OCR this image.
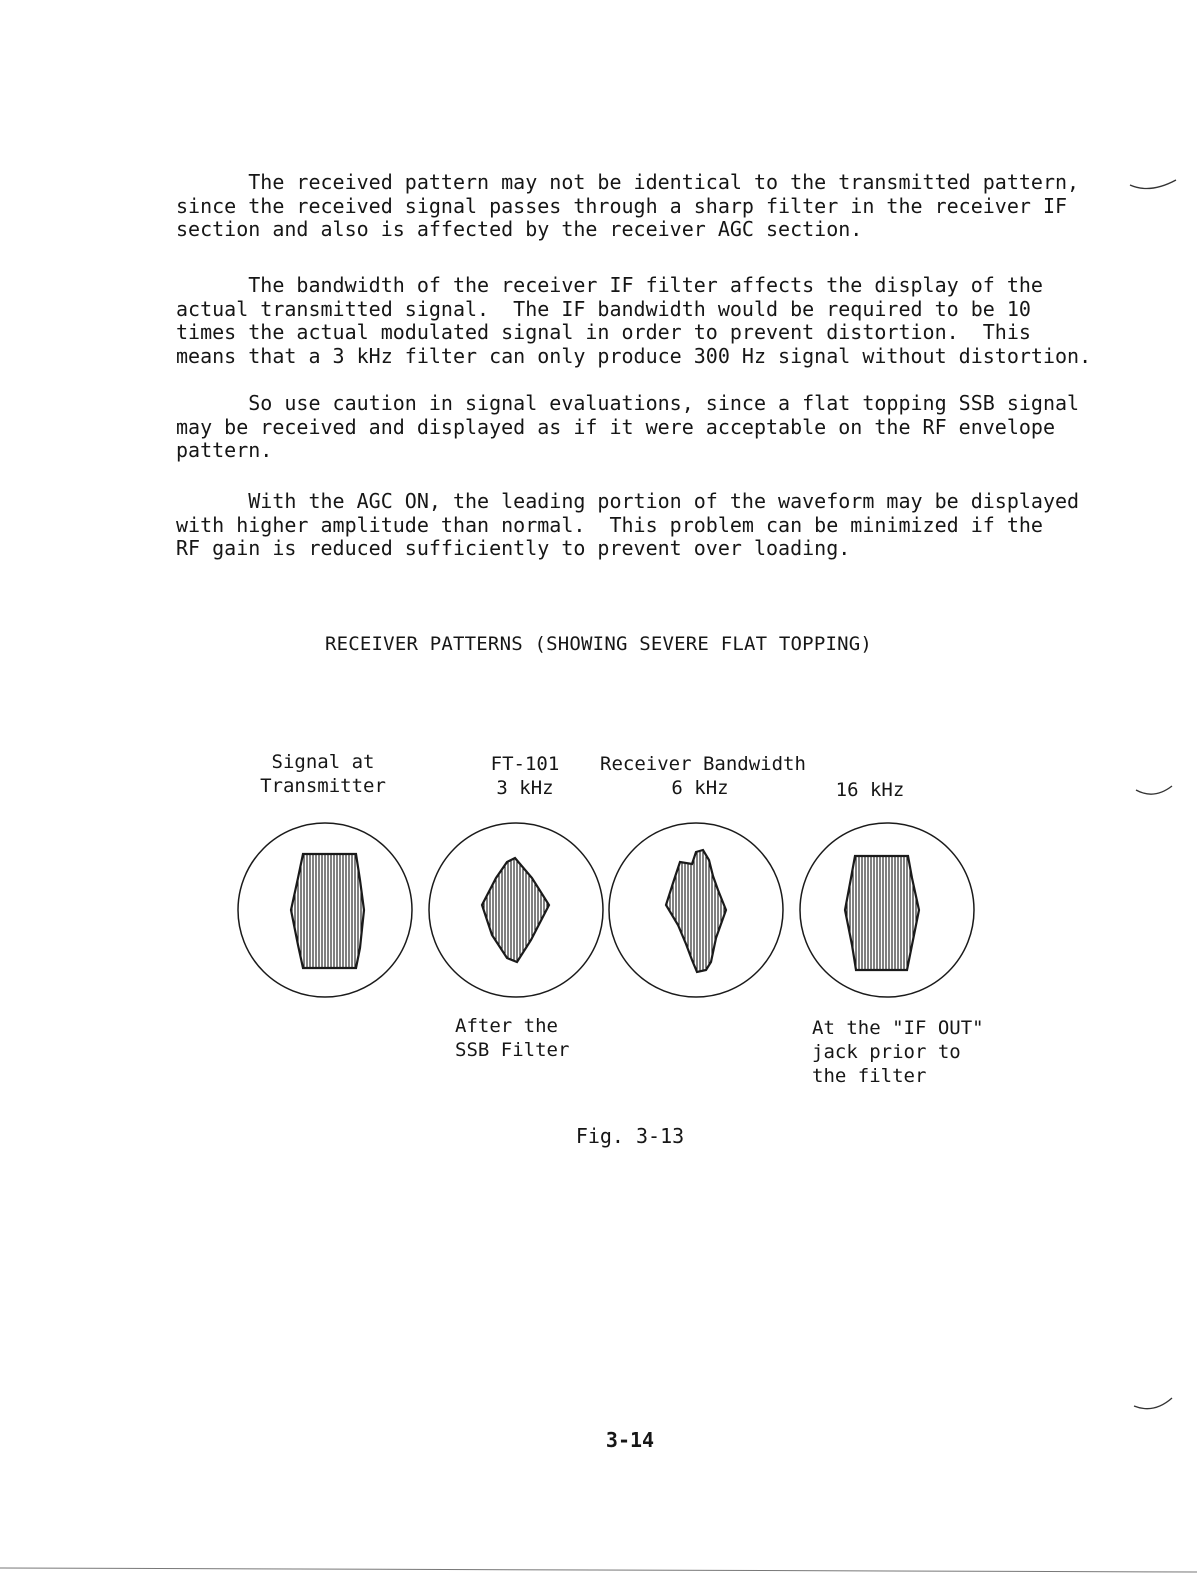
The received pattern may not be identical to the transmitted pattern,
since the received signal passes through a sharp filter in the receiver IF
section and also is affected by the receiver AGC section.

The bandwidth of the receiver IF filter affects the display of the
actual transmitted signal.  The IF bandwidth would be required to be 10
times the actual modulated signal in order to prevent distortion.  This
means that a 3 kHz filter can only produce 300 Hz signal without distortion.

So use caution in signal evaluations, since a flat topping SSB signal
may be received and displayed as if it were acceptable on the RF envelope
pattern.

With the AGC ON, the leading portion of the waveform may be displayed
with higher amplitude than normal.  This problem can be minimized if the
RF gain is reduced sufficiently to prevent over loading.

RECEIVER PATTERNS (SHOWING SEVERE FLAT TOPPING)
Signal at
Transmitter
FT-101
3 kHz
Receiver Bandwidth
6 kHz	16 kHz
After the
SSB Filter
At the "IF OUT"
jack prior to
the filter
Fig. 3-13
3-14
